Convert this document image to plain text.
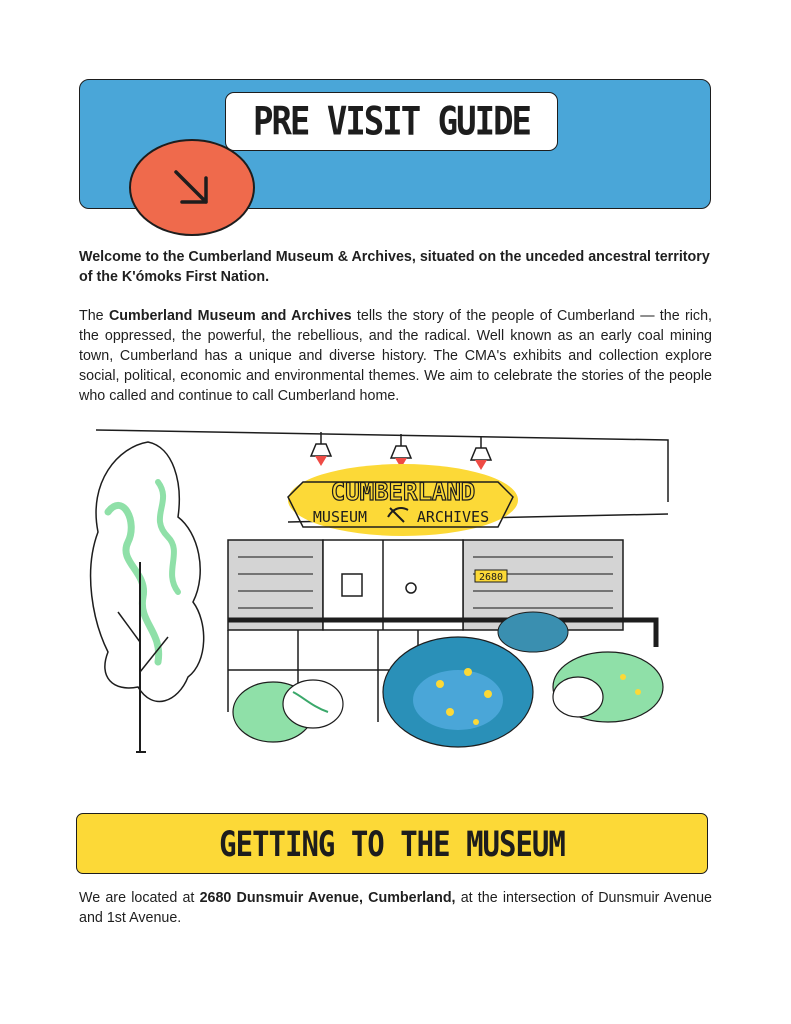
PRE VISIT GUIDE

Welcome to the Cumberland Museum & Archives, situated on the unceded ancestral territory of the K'ómoks First Nation.

The Cumberland Museum and Archives tells the story of the people of Cumberland — the rich, the oppressed, the powerful, the rebellious, and the radical. Well known as an early coal mining town, Cumberland has a unique and diverse history. The CMA's exhibits and collection explore social, political, economic and environmental themes. We aim to celebrate the stories of the people who called and continue to call Cumberland home.

CUMBERLAND
MUSEUM	ARCHIVES
2680
GETTING TO THE MUSEUM

We are located at 2680 Dunsmuir Avenue, Cumberland, at the intersection of Dunsmuir Avenue and 1st Avenue.
